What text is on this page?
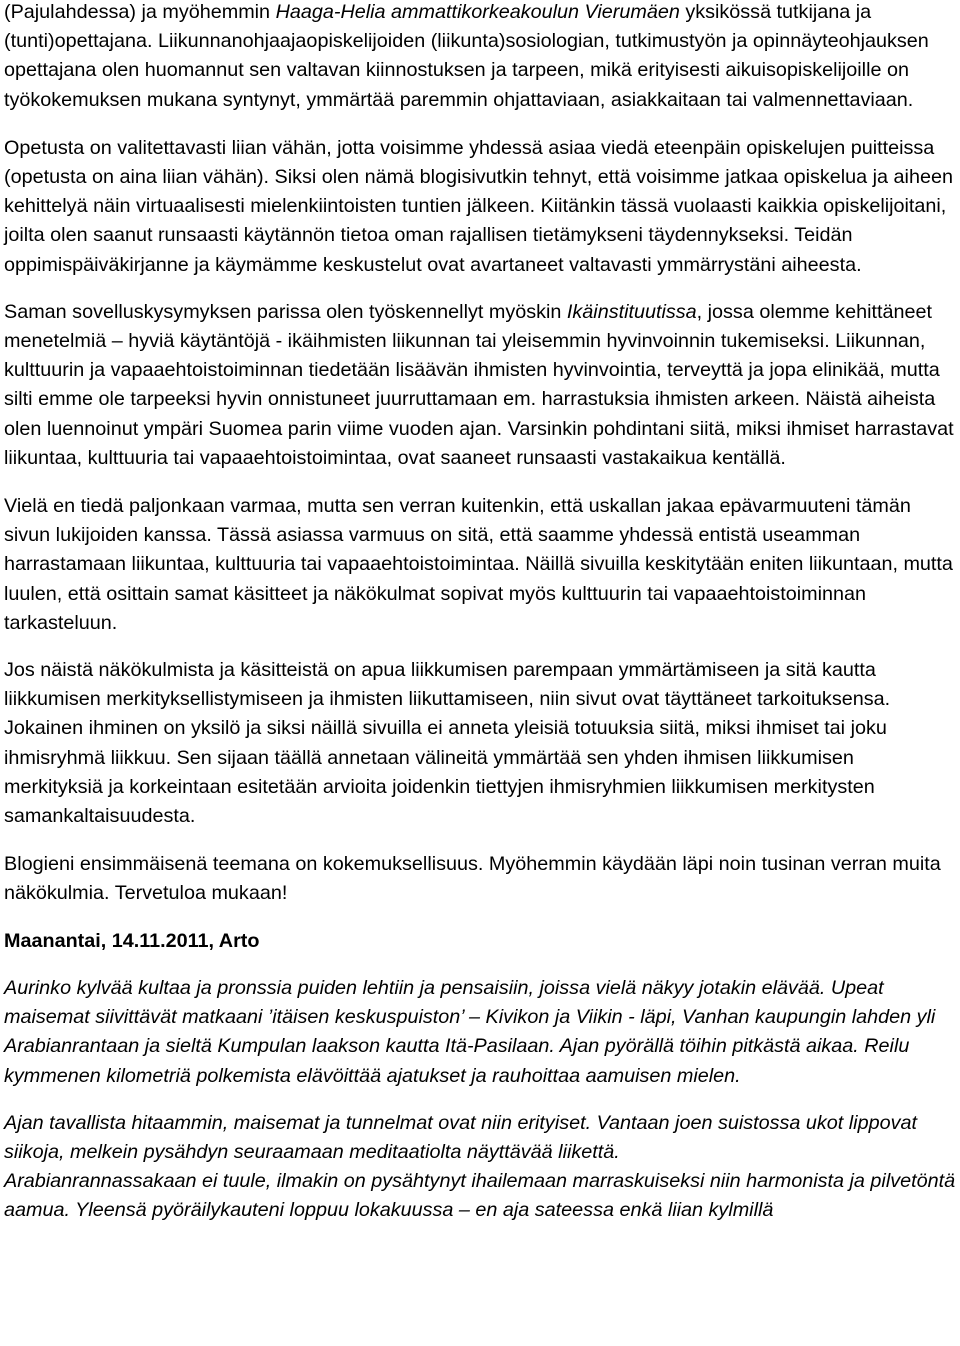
(Pajulahdessa) ja myöhemmin Haaga-Helia ammattikorkeakoulun Vierumäen yksikössä tutkijana ja (tunti)opettajana. Liikunnanohjaajaopiskelijoiden (liikunta)sosiologian, tutkimustyön ja opinnäyteohjauksen opettajana olen huomannut sen valtavan kiinnostuksen ja tarpeen, mikä erityisesti aikuisopiskelijoille on työkokemuksen mukana syntynyt, ymmärtää paremmin ohjattaviaan, asiakkaitaan tai valmennettaviaan.

Opetusta on valitettavasti liian vähän, jotta voisimme yhdessä asiaa viedä eteenpäin opiskelujen puitteissa (opetusta on aina liian vähän). Siksi olen nämä blogisivutkin tehnyt, että voisimme jatkaa opiskelua ja aiheen kehittelyä näin virtuaalisesti mielenkiintoisten tuntien jälkeen. Kiitänkin tässä vuolaasti kaikkia opiskelijoitani, joilta olen saanut runsaasti käytännön tietoa oman rajallisen tietämykseni täydennykseksi. Teidän oppimispäiväkirjanne ja käymämme keskustelut ovat avartaneet valtavasti ymmärrystäni aiheesta.

Saman sovelluskysymyksen parissa olen työskennellyt myöskin Ikäinstituutissa, jossa olemme kehittäneet menetelmiä – hyviä käytäntöjä - ikäihmisten liikunnan tai yleisemmin hyvinvoinnin tukemiseksi. Liikunnan, kulttuurin ja vapaaehtoistoiminnan tiedetään lisäävän ihmisten hyvinvointia, terveyttä ja jopa elinikää, mutta silti emme ole tarpeeksi hyvin onnistuneet juurruttamaan em. harrastuksia ihmisten arkeen. Näistä aiheista olen luennoinut ympäri Suomea parin viime vuoden ajan. Varsinkin pohdintani siitä, miksi ihmiset harrastavat liikuntaa, kulttuuria tai vapaaehtoistoimintaa, ovat saaneet runsaasti vastakaikua kentällä.

Vielä en tiedä paljonkaan varmaa, mutta sen verran kuitenkin, että uskallan jakaa epävarmuuteni tämän sivun lukijoiden kanssa. Tässä asiassa varmuus on sitä, että saamme yhdessä entistä useamman harrastamaan liikuntaa, kulttuuria tai vapaaehtoistoimintaa. Näillä sivuilla keskitytään eniten liikuntaan, mutta luulen, että osittain samat käsitteet ja näkökulmat sopivat myös kulttuurin tai vapaaehtoistoiminnan tarkasteluun.

Jos näistä näkökulmista ja käsitteistä on apua liikkumisen parempaan ymmärtämiseen ja sitä kautta liikkumisen merkityksellistymiseen ja ihmisten liikuttamiseen, niin sivut ovat täyttäneet tarkoituksensa. Jokainen ihminen on yksilö ja siksi näillä sivuilla ei anneta yleisiä totuuksia siitä, miksi ihmiset tai joku ihmisryhmä liikkuu. Sen sijaan täällä annetaan välineitä ymmärtää sen yhden ihmisen liikkumisen merkityksiä ja korkeintaan esitetään arvioita joidenkin tiettyjen ihmisryhmien liikkumisen merkitysten samankaltaisuudesta.

Blogieni ensimmäisenä teemana on kokemuksellisuus. Myöhemmin käydään läpi noin tusinan verran muita näkökulmia. Tervetuloa mukaan!

Maanantai, 14.11.2011, Arto

Aurinko kylvää kultaa ja pronssia puiden lehtiin ja pensaisiin, joissa vielä näkyy jotakin elävää. Upeat maisemat siivittävät matkaani ’itäisen keskuspuiston’ – Kivikon ja Viikin - läpi, Vanhan kaupungin lahden yli Arabianrantaan ja sieltä Kumpulan laakson kautta Itä-Pasilaan. Ajan pyörällä töihin pitkästä aikaa. Reilu kymmenen kilometriä polkemista elävöittää ajatukset ja rauhoittaa aamuisen mielen.

Ajan tavallista hitaammin, maisemat ja tunnelmat ovat niin erityiset. Vantaan joen suistossa ukot lippovat siikoja, melkein pysähdyn seuraamaan meditaatiolta näyttävää liikettä.
Arabianrannassakaan ei tuule, ilmakin on pysähtynyt ihailemaan marraskuiseksi niin harmonista ja pilvetöntä aamua. Yleensä pyöräilykauteni loppuu lokakuussa – en aja sateessa enkä liian kylmillä
